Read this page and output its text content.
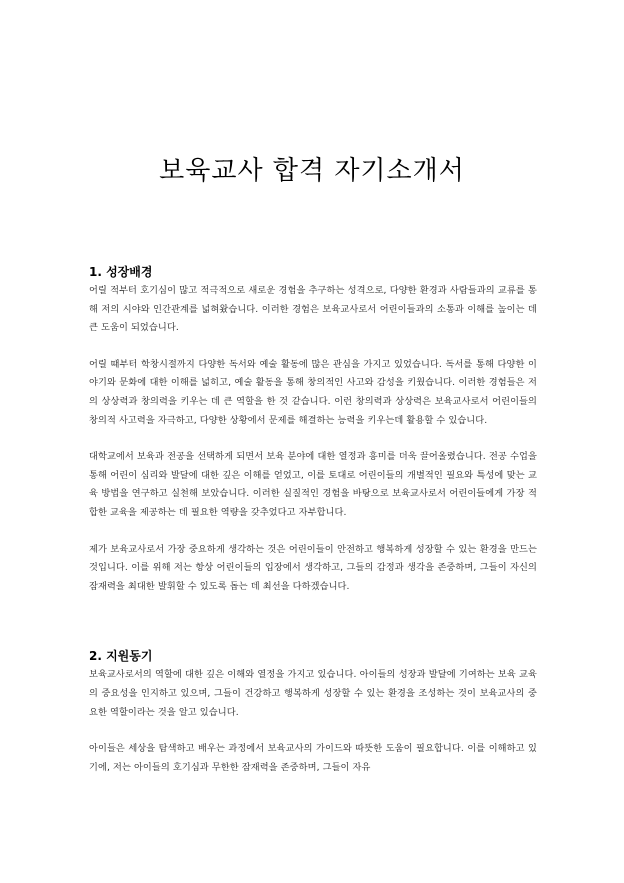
보육교사 합격 자기소개서
1. 성장배경

어릴 적부터 호기심이 많고 적극적으로 새로운 경험을 추구하는 성격으로, 다양한 환경과 사람들과의 교류를 통해 저의 시야와 인간관계를 넓혀왔습니다. 이러한 경험은 보육교사로서 어린이들과의 소통과 이해를 높이는 데 큰 도움이 되었습니다.

어릴 때부터 학창시절까지 다양한 독서와 예술 활동에 많은 관심을 가지고 있었습니다. 독서를 통해 다양한 이야기와 문화에 대한 이해를 넓히고, 예술 활동을 통해 창의적인 사고와 감성을 키웠습니다. 이러한 경험들은 저의 상상력과 창의력을 키우는 데 큰 역할을 한 것 같습니다. 이런 창의력과 상상력은 보육교사로서 어린이들의 창의적 사고력을 자극하고, 다양한 상황에서 문제를 해결하는 능력을 키우는데 활용할 수 있습니다.

대학교에서 보육과 전공을 선택하게 되면서 보육 분야에 대한 열정과 흥미를 더욱 끌어올렸습니다. 전공 수업을 통해 어린이 심리와 발달에 대한 깊은 이해를 얻었고, 이를 토대로 어린이들의 개별적인 필요와 특성에 맞는 교육 방법을 연구하고 실천해 보았습니다. 이러한 실질적인 경험을 바탕으로 보육교사로서 어린이들에게 가장 적합한 교육을 제공하는 데 필요한 역량을 갖추었다고 자부합니다.

제가 보육교사로서 가장 중요하게 생각하는 것은 어린이들이 안전하고 행복하게 성장할 수 있는 환경을 만드는 것입니다. 이를 위해 저는 항상 어린이들의 입장에서 생각하고, 그들의 감정과 생각을 존중하며, 그들이 자신의 잠재력을 최대한 발휘할 수 있도록 돕는 데 최선을 다하겠습니다.

2. 지원동기

보육교사로서의 역할에 대한 깊은 이해와 열정을 가지고 있습니다. 아이들의 성장과 발달에 기여하는 보육 교육의 중요성을 인지하고 있으며, 그들이 건강하고 행복하게 성장할 수 있는 환경을 조성하는 것이 보육교사의 중요한 역할이라는 것을 알고 있습니다.

아이들은 세상을 탐색하고 배우는 과정에서 보육교사의 가이드와 따뜻한 도움이 필요합니다. 이를 이해하고 있기에, 저는 아이들의 호기심과 무한한 잠재력을 존중하며, 그들이 자유
